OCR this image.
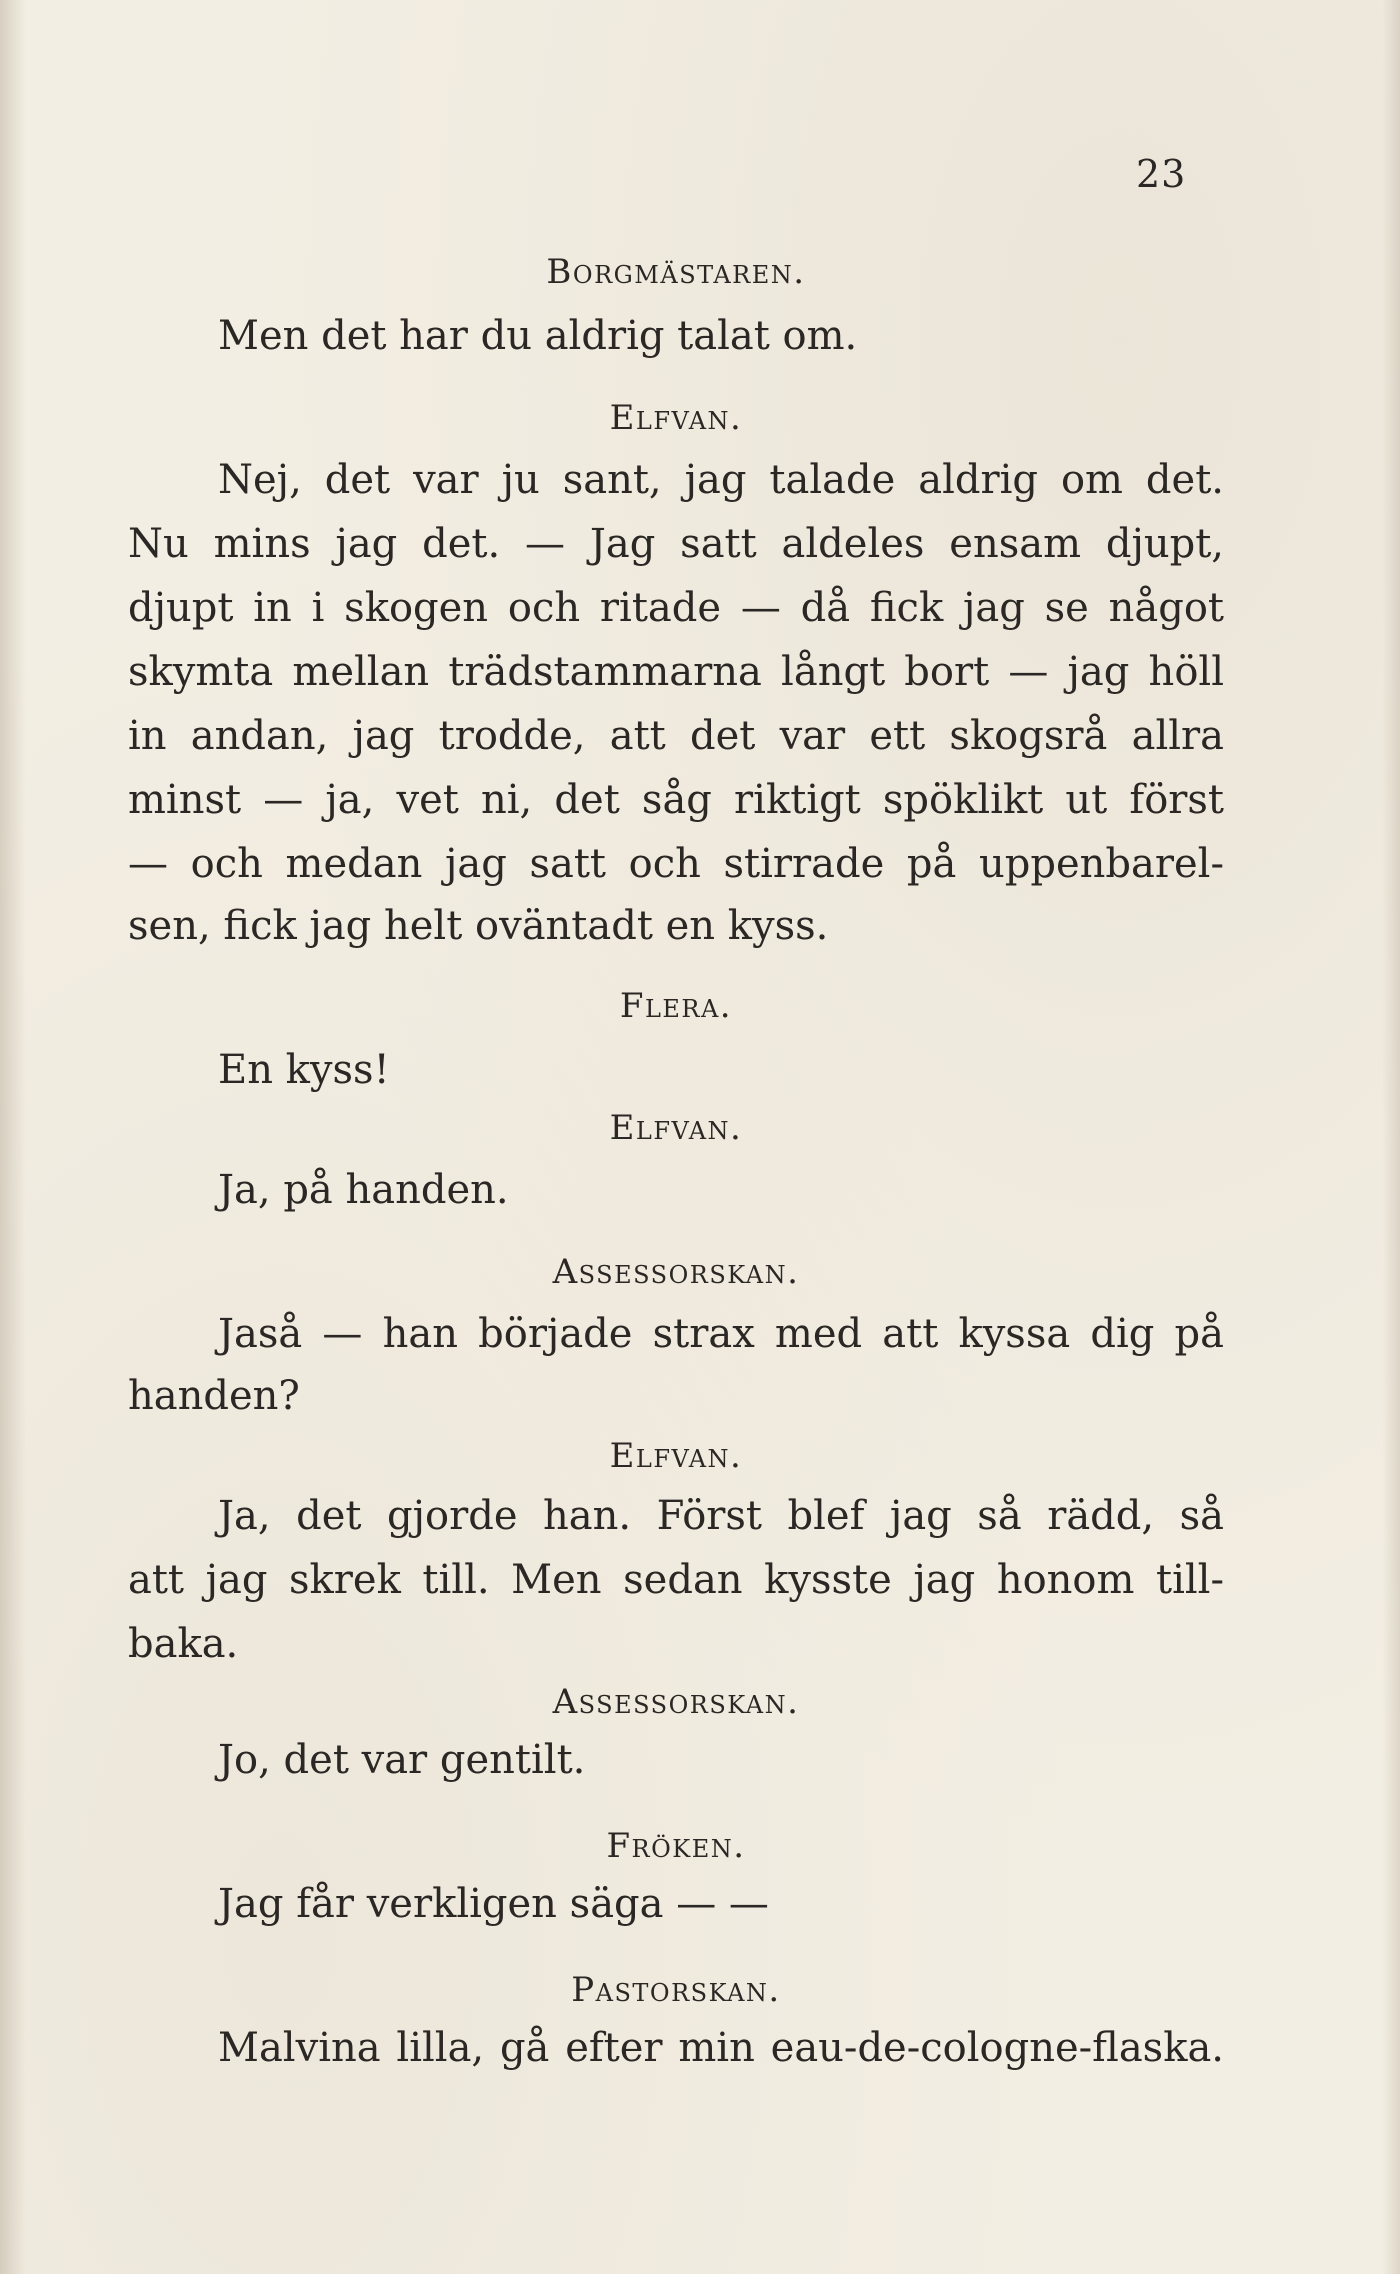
23
Borgmästaren.
Men det har du aldrig talat om.
Elfvan.
Nej, det var ju sant, jag talade aldrig om det.
Nu mins jag det. — Jag satt aldeles ensam djupt,
djupt in i skogen och ritade — då fick jag se något
skymta mellan trädstammarna långt bort — jag höll
in andan, jag trodde, att det var ett skogsrå allra
minst — ja, vet ni, det såg riktigt spöklikt ut först
— och medan jag satt och stirrade på uppenbarel-
sen, fick jag helt oväntadt en kyss.
Flera.
En kyss!
Elfvan.
Ja, på handen.
Assessorskan.
Jaså — han började strax med att kyssa dig på
handen?
Elfvan.
Ja, det gjorde han. Först blef jag så rädd, så
att jag skrek till. Men sedan kysste jag honom till-
baka.
Assessorskan.
Jo, det var gentilt.
Fröken.
Jag får verkligen säga — —
Pastorskan.
Malvina lilla, gå efter min eau-de-cologne-flaska.
